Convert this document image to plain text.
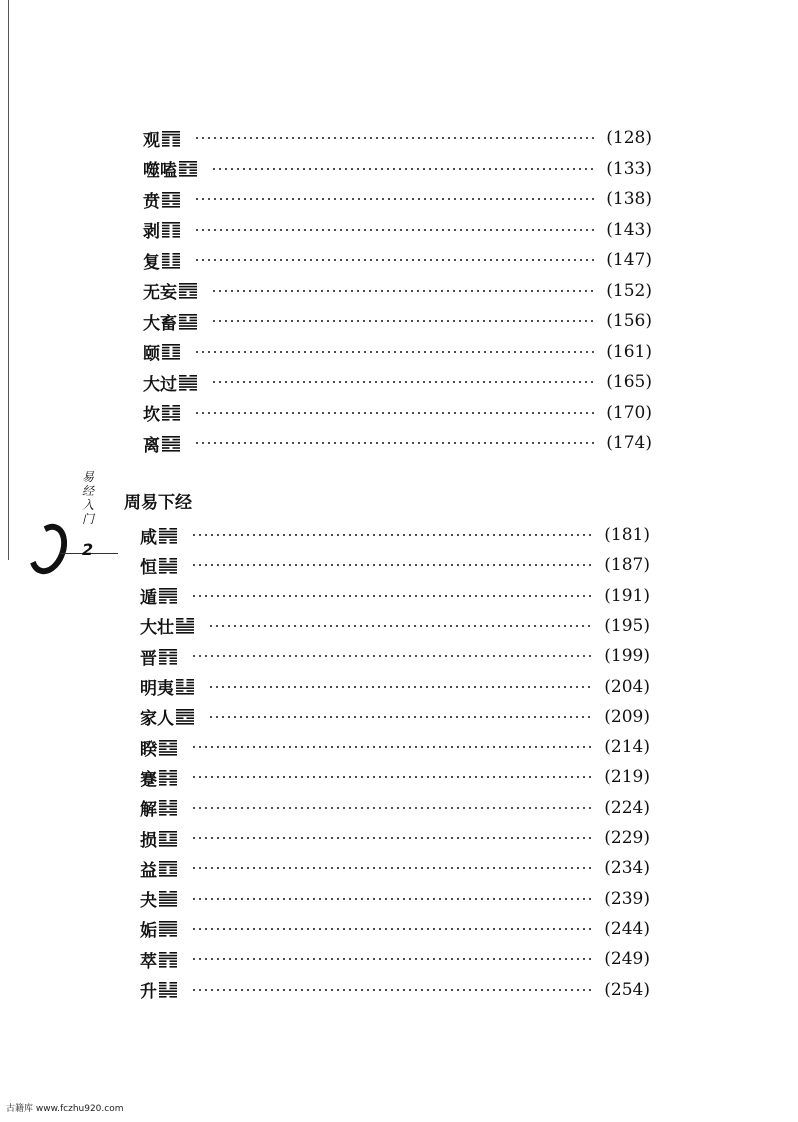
易经入门
2
观	(128)
噬嗑	(133)
贲	(138)
剥	(143)
复	(147)
无妄	(152)
大畜	(156)
颐	(161)
大过	(165)
坎	(170)
离	(174)
周易下经
咸	(181)
恒	(187)
遁	(191)
大壮	(195)
晋	(199)
明夷	(204)
家人	(209)
睽	(214)
蹇	(219)
解	(224)
损	(229)
益	(234)
夬	(239)
姤	(244)
萃	(249)
升	(254)
古籍库 www.fczhu920.com
